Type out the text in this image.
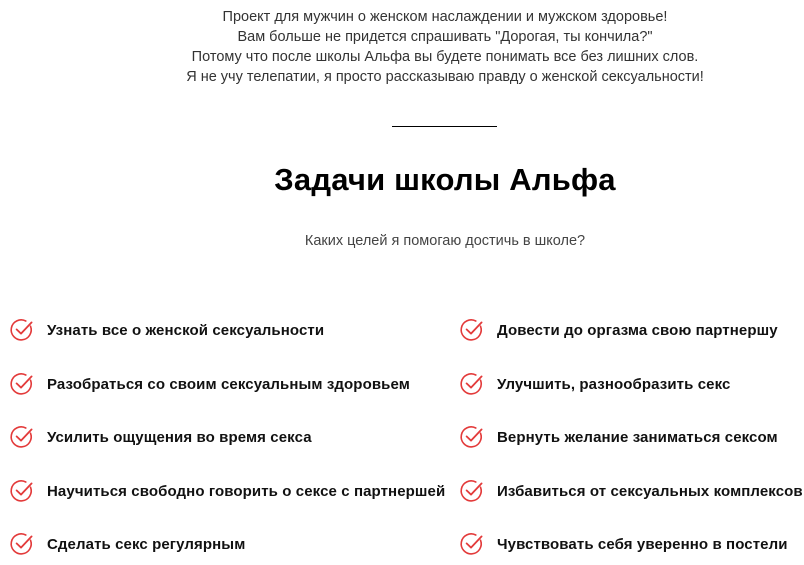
Проект для мужчин о женском наслаждении и мужском здоровье!
Вам больше не придется спрашивать "Дорогая, ты кончила?"
Потому что после школы Альфа вы будете понимать все без лишних слов.
Я не учу телепатии, я просто рассказываю правду о женской сексуальности!
Задачи школы Альфа
Каких целей я помогаю достичь в школе?
Узнать все о женской сексуальности
Разобраться со своим сексуальным здоровьем
Усилить ощущения во время секса
Научиться свободно говорить о сексе с партнершей
Сделать секс регулярным
Довести до оргазма свою партнершу
Улучшить, разнообразить секс
Вернуть желание заниматься сексом
Избавиться от сексуальных комплексов
Чувствовать себя уверенно в постели
